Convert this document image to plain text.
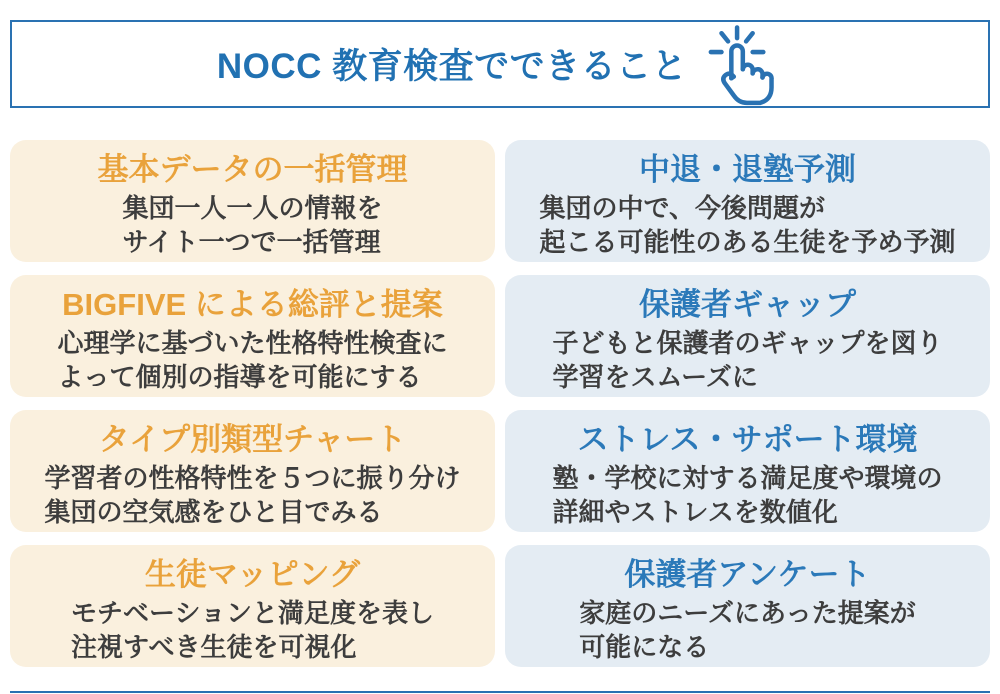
NOCC 教育検査でできること
基本データの一括管理
集団一人一人の情報を
サイト一つで一括管理
中退・退塾予測
集団の中で、今後問題が
起こる可能性のある生徒を予め予測
BIGFIVE による総評と提案
心理学に基づいた性格特性検査に
よって個別の指導を可能にする
保護者ギャップ
子どもと保護者のギャップを図り
学習をスムーズに
タイプ別類型チャート
学習者の性格特性を５つに振り分け
集団の空気感をひと目でみる
ストレス・サポート環境
塾・学校に対する満足度や環境の
詳細やストレスを数値化
生徒マッピング
モチベーションと満足度を表し
注視すべき生徒を可視化
保護者アンケート
家庭のニーズにあった提案が
可能になる
